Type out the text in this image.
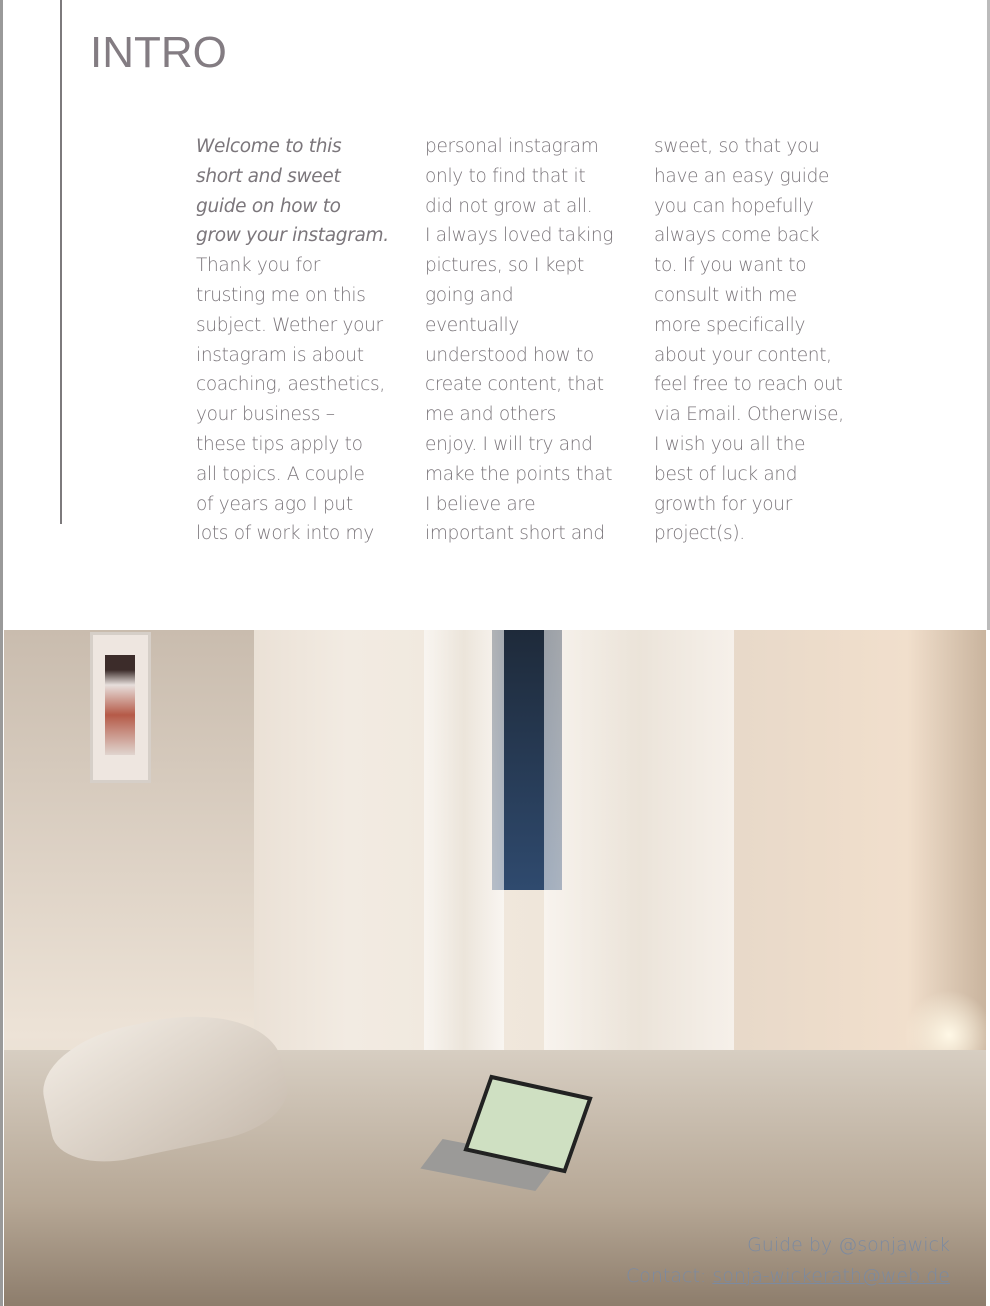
INTRO
Welcome to this
short and sweet
guide on how to
grow your instagram.
Thank you for
trusting me on this
subject. Wether your
instagram is about
coaching, aesthetics,
your business –
these tips apply to
all topics. A couple
of years ago I put
lots of work into my
personal instagram
only to find that it
did not grow at all.
I always loved taking
pictures, so I kept
going and
eventually
understood how to
create content, that
me and others
enjoy. I will try and
make the points that
I believe are
important short and
sweet, so that you
have an easy guide
you can hopefully
always come back
to. If you want to
consult with me
more specifically
about your content,
feel free to reach out
via Email. Otherwise,
I wish you all the
best of luck and
growth for your
project(s).
Guide by @sonjawick
Contact: sonja-wickerath@web.de
